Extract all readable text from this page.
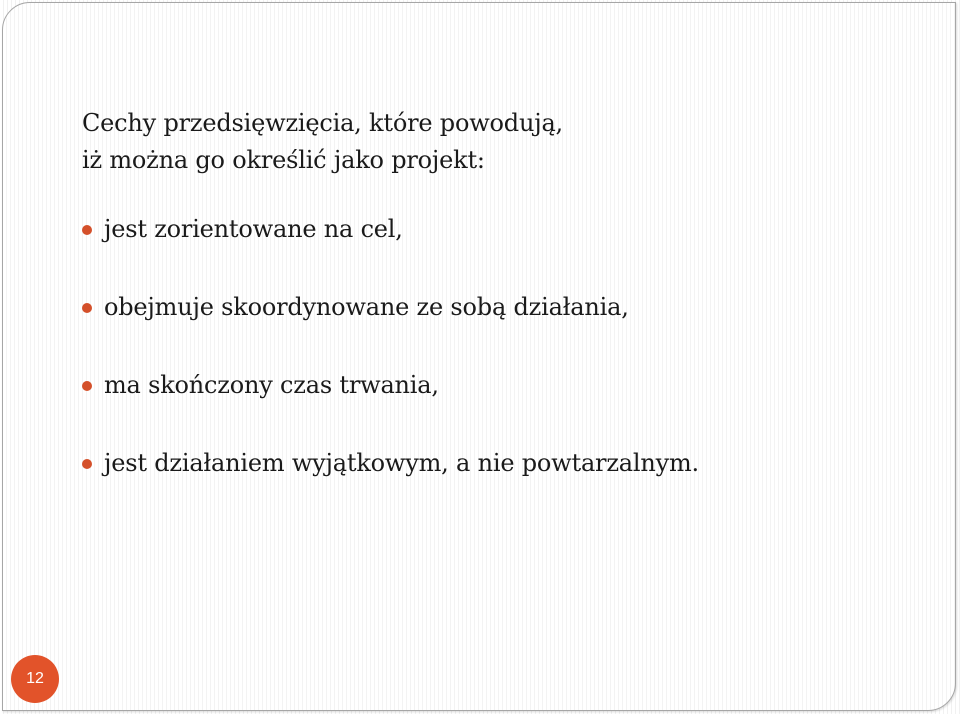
Cechy przedsięwzięcia, które powodują,

iż można go określić jako projekt:

jest zorientowane na cel,
obejmuje skoordynowane ze sobą działania,
ma skończony czas trwania,
jest działaniem wyjątkowym, a nie powtarzalnym.
12
